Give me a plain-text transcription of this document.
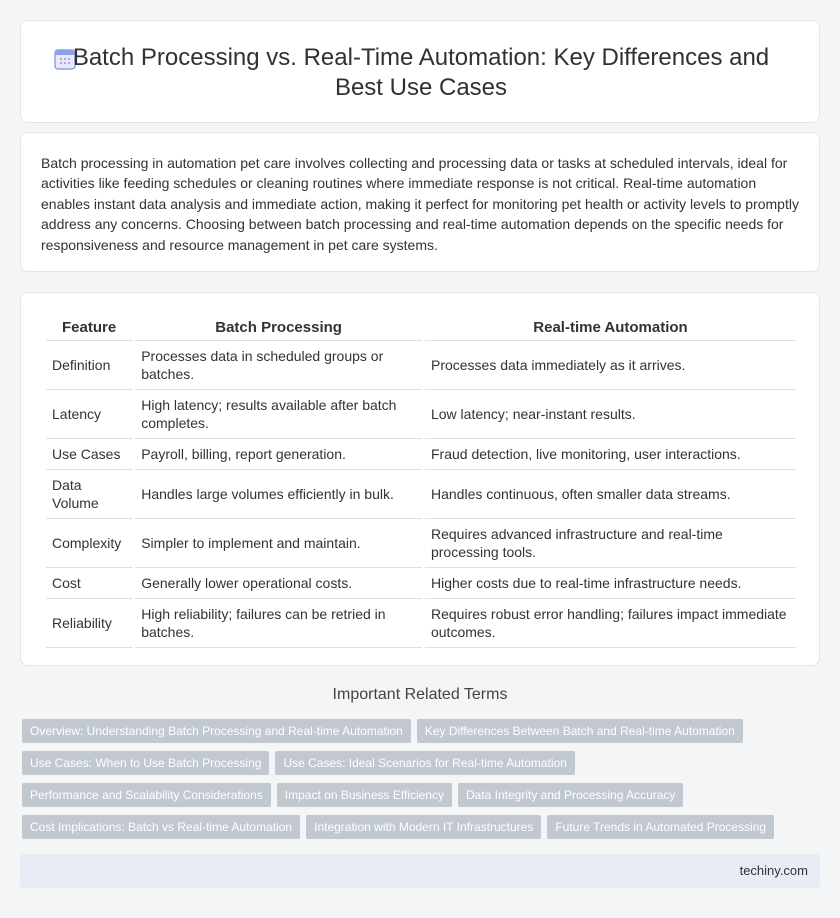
Batch Processing vs. Real-Time Automation: Key Differences and Best Use Cases

Batch processing in automation pet care involves collecting and processing data or tasks at scheduled intervals, ideal for activities like feeding schedules or cleaning routines where immediate response is not critical. Real-time automation enables instant data analysis and immediate action, making it perfect for monitoring pet health or activity levels to promptly address any concerns. Choosing between batch processing and real-time automation depends on the specific needs for responsiveness and resource management in pet care systems.

Feature	Batch Processing	Real-time Automation
Definition	Processes data in scheduled groups or batches.	Processes data immediately as it arrives.
Latency	High latency; results available after batch completes.	Low latency; near-instant results.
Use Cases	Payroll, billing, report generation.	Fraud detection, live monitoring, user interactions.
Data Volume	Handles large volumes efficiently in bulk.	Handles continuous, often smaller data streams.
Complexity	Simpler to implement and maintain.	Requires advanced infrastructure and real-time processing tools.
Cost	Generally lower operational costs.	Higher costs due to real-time infrastructure needs.
Reliability	High reliability; failures can be retried in batches.	Requires robust error handling; failures impact immediate outcomes.
Important Related Terms
Overview: Understanding Batch Processing and Real-time Automation	Key Differences Between Batch and Real-time Automation
Use Cases: When to Use Batch Processing	Use Cases: Ideal Scenarios for Real-time Automation
Performance and Scalability Considerations	Impact on Business Efficiency	Data Integrity and Processing Accuracy
Cost Implications: Batch vs Real-time Automation	Integration with Modern IT Infrastructures	Future Trends in Automated Processing
techiny.com
